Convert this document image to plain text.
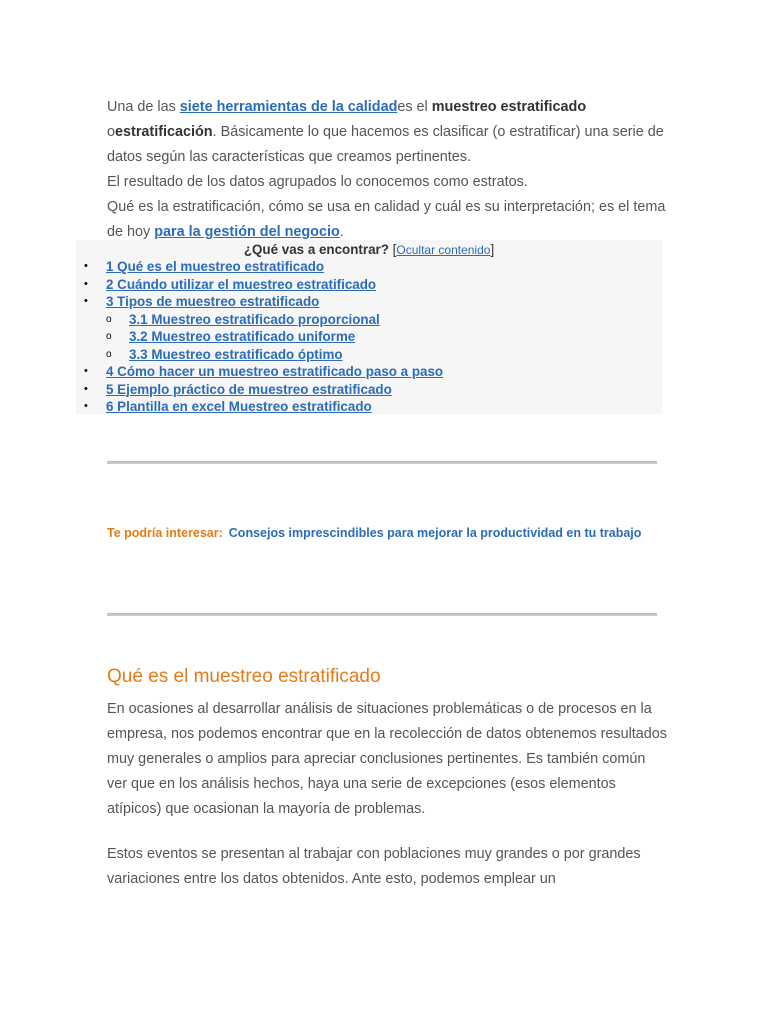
Una de las siete herramientas de la calidades el muestreo estratificado oestratificación. Básicamente lo que hacemos es clasificar (o estratificar) una serie de datos según las características que creamos pertinentes.

El resultado de los datos agrupados lo conocemos como estratos.

Qué es la estratificación, cómo se usa en calidad y cuál es su interpretación; es el tema de hoy para la gestión del negocio.

¿Qué vas a encontrar? [Ocultar contenido]
• 1 Qué es el muestreo estratificado
• 2 Cuándo utilizar el muestreo estratificado
• 3 Tipos de muestreo estratificado
o 3.1 Muestreo estratificado proporcional
o 3.2 Muestreo estratificado uniforme
o 3.3 Muestreo estratificado óptimo
• 4 Cómo hacer un muestreo estratificado paso a paso
• 5 Ejemplo práctico de muestreo estratificado
• 6 Plantilla en excel Muestreo estratificado
Te podría interesar: Consejos imprescindibles para mejorar la productividad en tu trabajo
Qué es el muestreo estratificado

En ocasiones al desarrollar análisis de situaciones problemáticas o de procesos en la empresa, nos podemos encontrar que en la recolección de datos obtenemos resultados muy generales o amplios para apreciar conclusiones pertinentes. Es también común ver que en los análisis hechos, haya una serie de excepciones (esos elementos atípicos) que ocasionan la mayoría de problemas.

Estos eventos se presentan al trabajar con poblaciones muy grandes o por grandes variaciones entre los datos obtenidos. Ante esto, podemos emplear un
